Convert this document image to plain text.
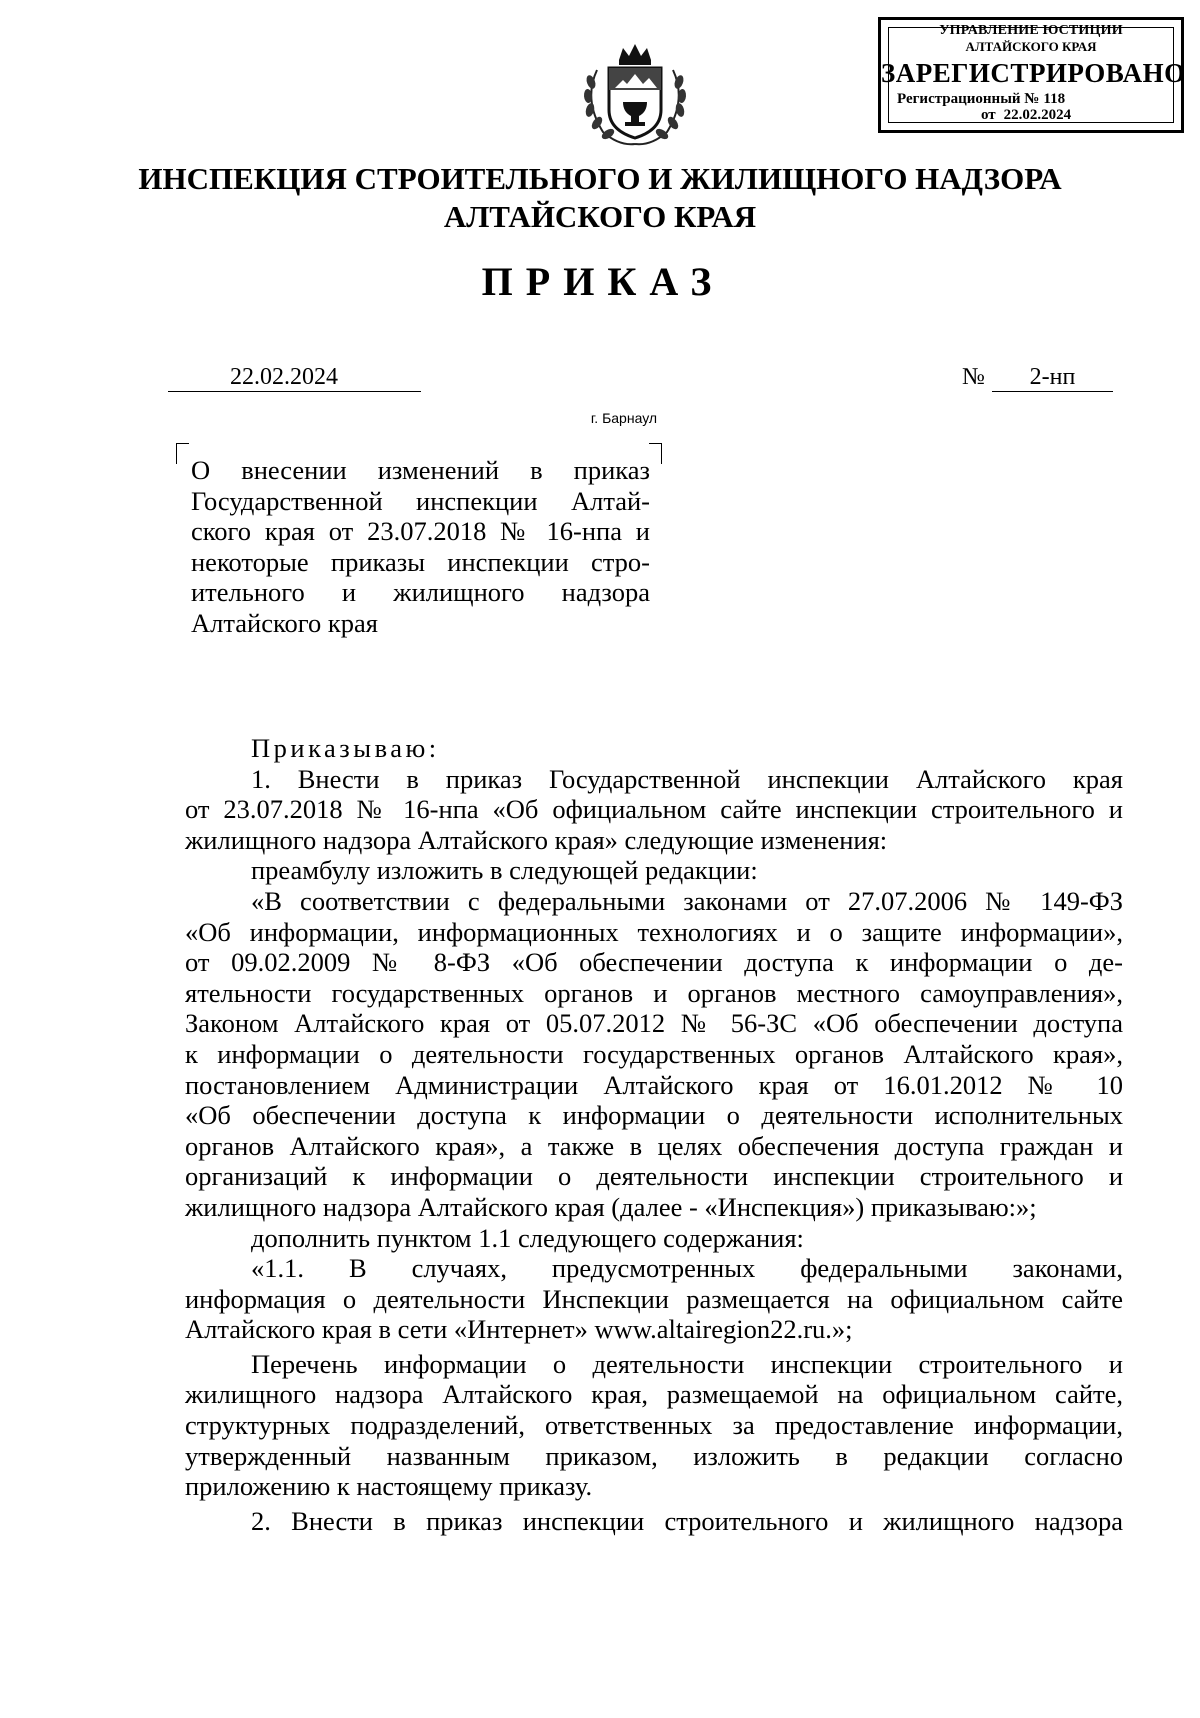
УПРАВЛЕНИЕ ЮСТИЦИИ
АЛТАЙСКОГО КРАЯ
ЗАРЕГИСТРИРОВАНО
Регистрационный № 118
от 22.02.2024
ИНСПЕКЦИЯ СТРОИТЕЛЬНОГО И ЖИЛИЩНОГО НАДЗОРА
АЛТАЙСКОГО КРАЯ
ПРИКАЗ
22.02.2024	№	2-нп
г. Барнаул
О внесении изменений в приказ
Государственной инспекции Алтай-
ского края от 23.07.2018 № 16-нпа и
некоторые приказы инспекции стро-
ительного и жилищного надзора
Алтайского края
Приказываю:
1. Внести в приказ Государственной инспекции Алтайского края
от 23.07.2018 № 16-нпа «Об официальном сайте инспекции строительного и
жилищного надзора Алтайского края» следующие изменения:
преамбулу изложить в следующей редакции:
«В соответствии с федеральными законами от 27.07.2006 № 149-ФЗ
«Об информации, информационных технологиях и о защите информации»,
от 09.02.2009 № 8-ФЗ «Об обеспечении доступа к информации о де-
ятельности государственных органов и органов местного самоуправления»,
Законом Алтайского края от 05.07.2012 № 56-ЗС «Об обеспечении доступа
к информации о деятельности государственных органов Алтайского края»,
постановлением Администрации Алтайского края от 16.01.2012 № 10
«Об обеспечении доступа к информации о деятельности исполнительных
органов Алтайского края», а также в целях обеспечения доступа граждан и
организаций к информации о деятельности инспекции строительного и
жилищного надзора Алтайского края (далее - «Инспекция») приказываю:»;
дополнить пунктом 1.1 следующего содержания:
«1.1. В случаях, предусмотренных федеральными законами,
информация о деятельности Инспекции размещается на официальном сайте
Алтайского края в сети «Интернет» www.altairegion22.ru.»;
Перечень информации о деятельности инспекции строительного и
жилищного надзора Алтайского края, размещаемой на официальном сайте,
структурных подразделений, ответственных за предоставление информации,
утвержденный названным приказом, изложить в редакции согласно
приложению к настоящему приказу.
2. Внести в приказ инспекции строительного и жилищного надзора
